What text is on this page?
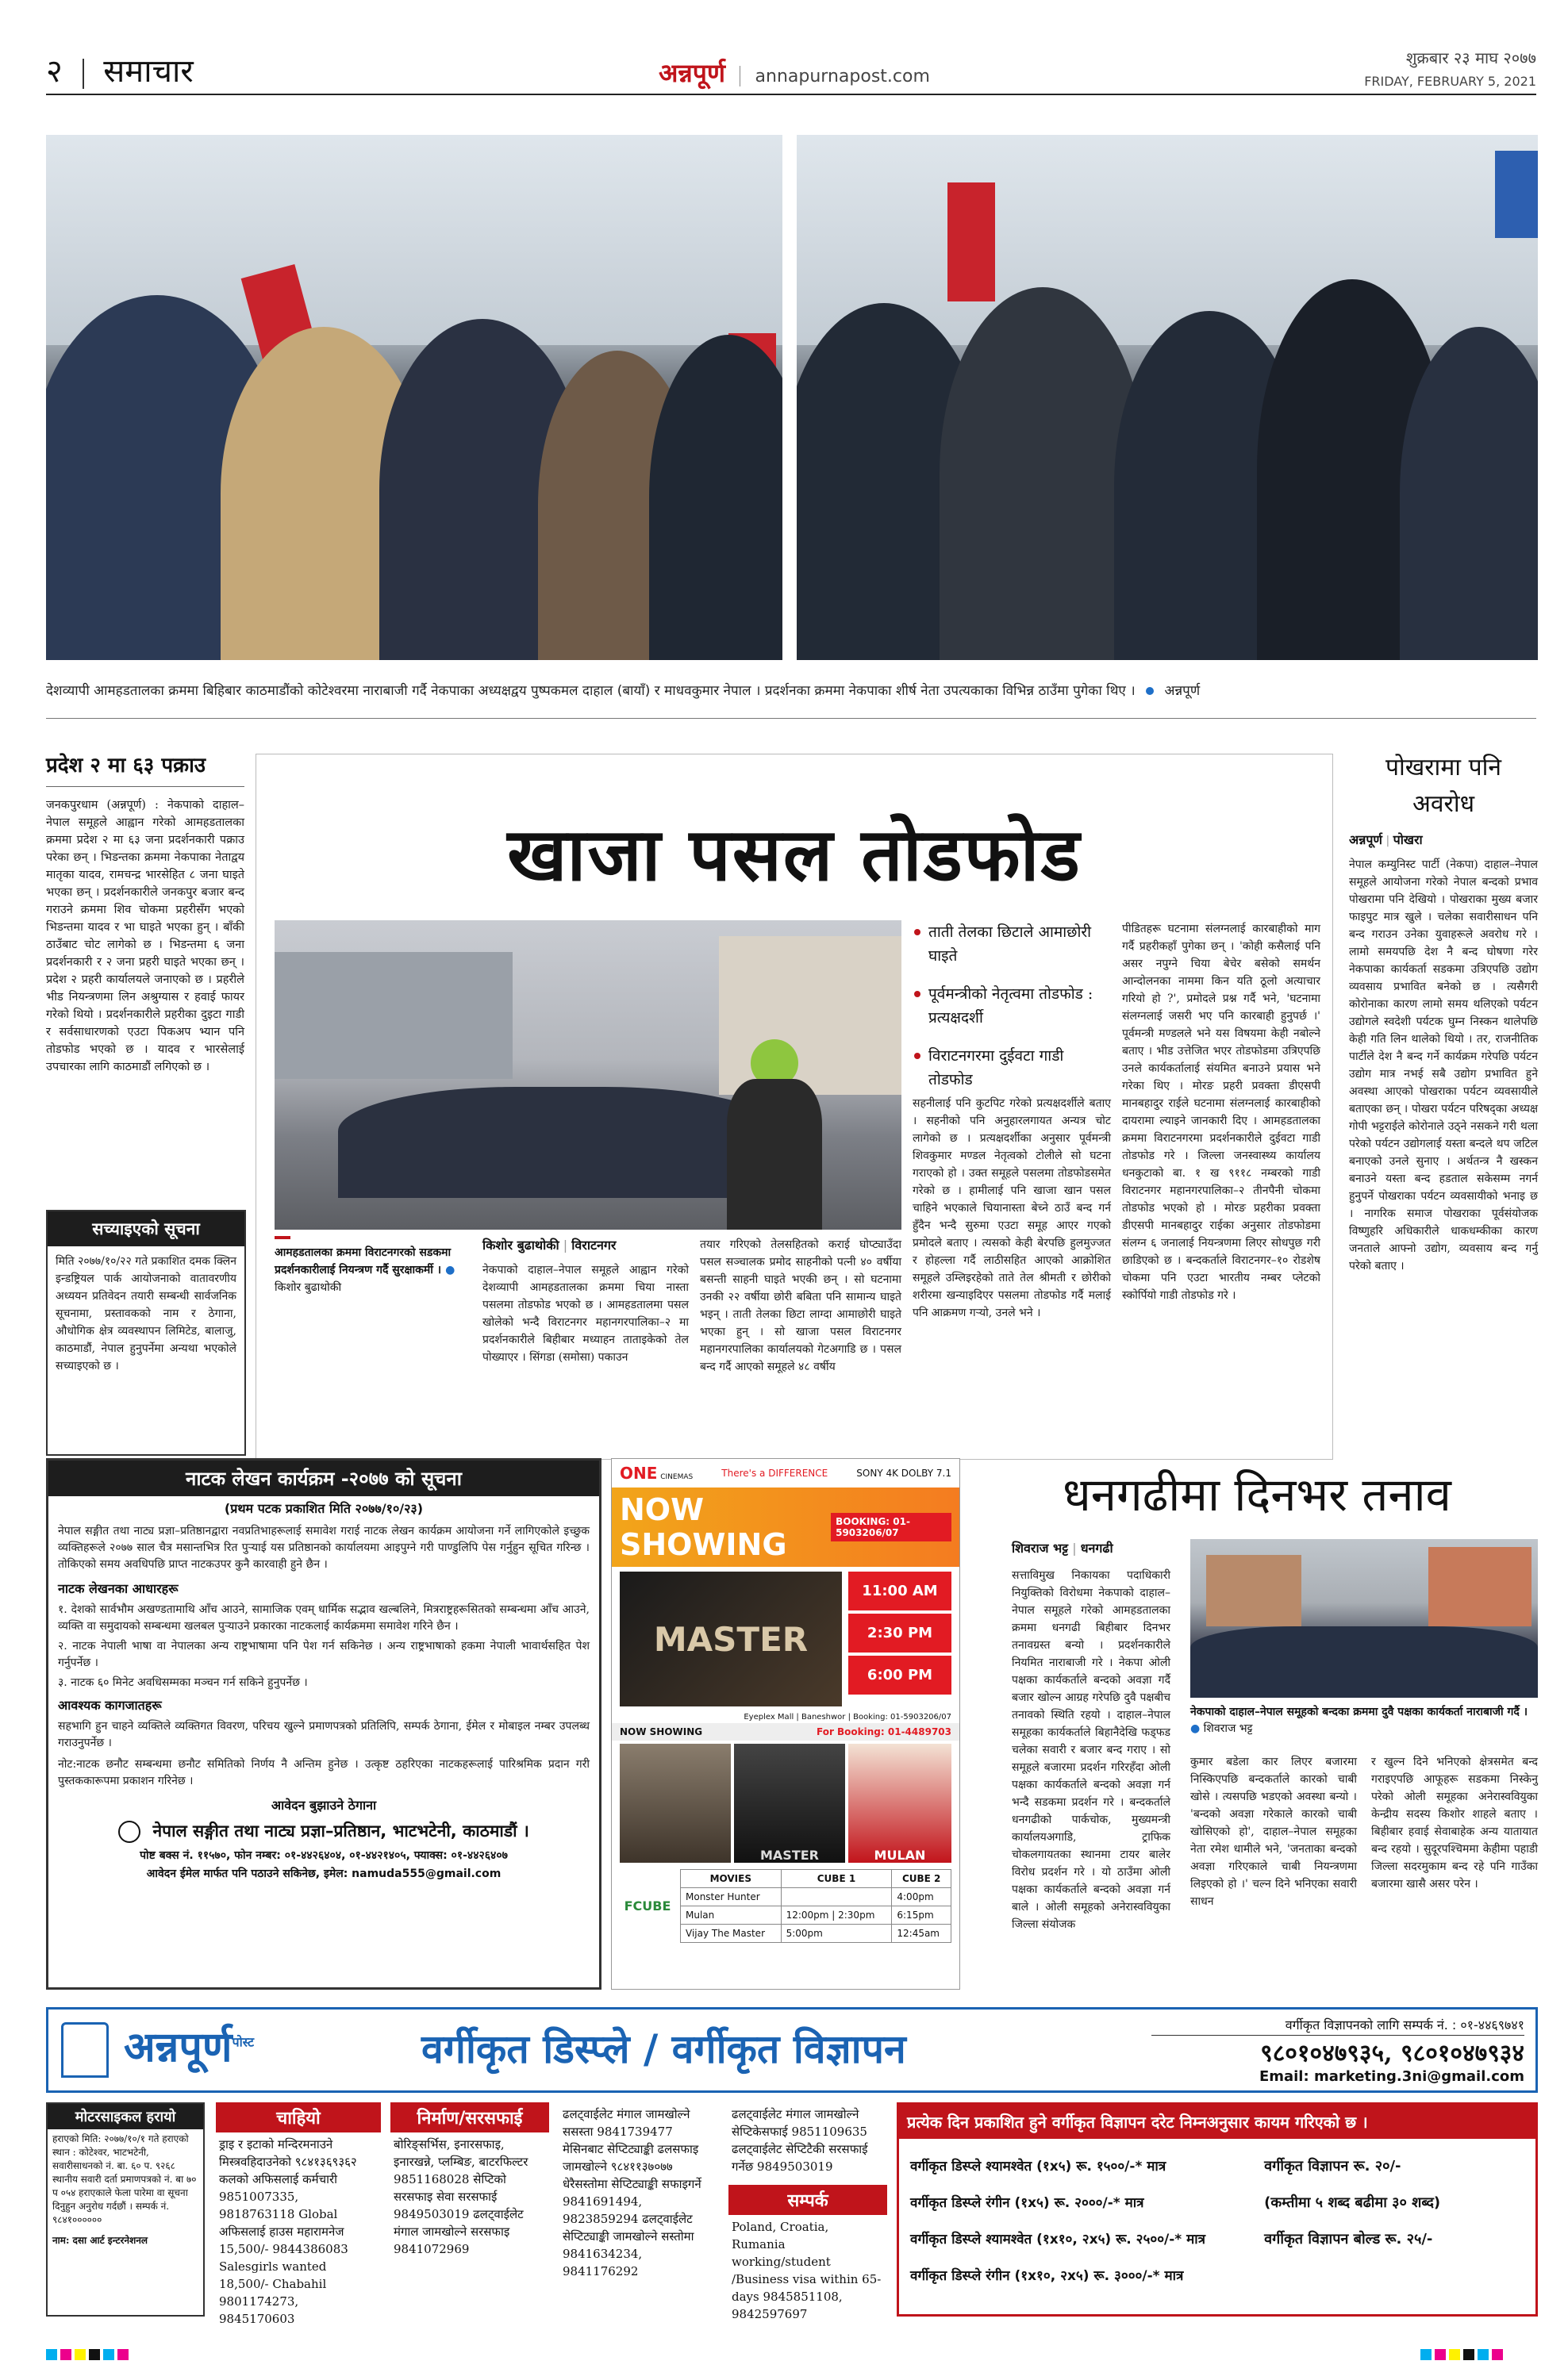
२ समाचार	अन्नपूर्ण annapurnapost.com
शुक्रबार २३ माघ २०७७
FRIDAY, FEBRUARY 5, 2021
देशव्यापी आमहडतालका क्रममा बिहिबार काठमाडौंको कोटेश्वरमा नाराबाजी गर्दै नेकपाका अध्यक्षद्वय पुष्पकमल दाहाल (बायाँ) र माधवकुमार नेपाल । प्रदर्शनका क्रममा नेकपाका शीर्ष नेता उपत्यकाका विभिन्न ठाउँमा पुगेका थिए । अन्नपूर्ण
प्रदेश २ मा ६३ पक्राउ
जनकपुरधाम (अन्नपूर्ण) : नेकपाको दाहाल–नेपाल समूहले आह्वान गरेको आमहडतालका क्रममा प्रदेश २ मा ६३ जना प्रदर्शनकारी पक्राउ परेका छन् । भिडन्तका क्रममा नेकपाका नेताद्वय मातृका यादव, रामचन्द्र भारसेहित ८ जना घाइते भएका छन् । प्रदर्शनकारीले जनकपुर बजार बन्द गराउने क्रममा शिव चोकमा प्रहरीसँग भएको भिडन्तमा यादव र भा घाइते भएका हुन् । बाँकी ठाउँबाट चोट लागेको छ । भिडन्तमा ६ जना प्रदर्शनकारी र २ जना प्रहरी घाइते भएका छन् । प्रदेश २ प्रहरी कार्यालयले जनाएको छ । प्रहरीले भीड नियन्त्रणमा लिन अश्रुग्यास र हवाई फायर गरेको थियो । प्रदर्शनकारीले प्रहरीका दुइटा गाडी र सर्वसाधारणको एउटा पिकअप भ्यान पनि तोडफोड भएको छ । यादव र भारसेलाई उपचारका लागि काठमाडौं लगिएको छ ।
सच्याइएको सूचना
मिति २०७७/१०/२२ गते प्रकाशित दमक क्लिन इन्डष्ट्रियल पार्क आयोजनाको वातावरणीय अध्ययन प्रतिवेदन तयारी सम्बन्धी सार्वजनिक सूचनामा, प्रस्तावकको नाम र ठेगाना, औधोगिक क्षेत्र व्यवस्थापन लिमिटेड, बालाजु, काठमाडौं, नेपाल हुनुपर्नेमा अन्यथा भएकोले सच्याइएको छ ।
खाजा पसल तोडफोड
आमहडतालका क्रममा विराटनगरको सडकमा प्रदर्शनकारीलाई नियन्त्रण गर्दै सुरक्षाकर्मी । ● किशोर बुढाथोकी
किशोर बुढाथोकी | विराटनगर
नेकपाको दाहाल–नेपाल समूहले आह्वान गरेको देशव्यापी आमहडतालका क्रममा चिया नास्ता पसलमा तोडफोड भएको छ । आमहडतालमा पसल खोलेको भन्दै विराटनगर महानगरपालिका–२ मा प्रदर्शनकारीले बिहीबार मध्याहन ताताइकेको तेल पोख्याएर । सिंगडा (समोसा) पकाउन
तयार गरिएको तेलसहितको कराई घोप्ट्याउँदा पसल सञ्चालक प्रमोद साहनीको पत्नी ४० वर्षीया बसन्ती साहनी घाइते भएकी छन् । सो घटनामा उनकी २२ वर्षीया छोरी बबिता पनि सामान्य घाइते भइन् । ताती तेलका छिटा लाग्दा आमाछोरी घाइते भएका हुन् । सो खाजा पसल विराटनगर महानगरपालिका कार्यालयको गेटअगाडि छ । पसल बन्द गर्दै आएको समूहले ४८ वर्षीय
ताती तेलका छिटाले आमाछोरी घाइते
पूर्वमन्त्रीको नेतृत्वमा तोडफोड : प्रत्यक्षदर्शी
विराटनगरमा दुईवटा गाडी तोडफोड
सहनीलाई पनि कुटपिट गरेको प्रत्यक्षदर्शीले बताए । सहनीको पनि अनुहारलगायत अन्यत्र चोट लागेको छ । प्रत्यक्षदर्शीका अनुसार पूर्वमन्त्री शिवकुमार मण्डल नेतृत्वको टोलीले सो घटना गराएको हो । उक्त समूहले पसलमा तोडफोडसमेत गरेको छ । हामीलाई पनि खाजा खान पसल चाहिने भएकाले चियानास्ता बेच्ने ठाउँ बन्द गर्न हुँदैन भन्दै सुरुमा एउटा समूह आएर गएको प्रमोदले बताए । त्यसको केही बेरपछि हुलमुज्जत र होहल्ला गर्दै लाठीसहित आएको आक्रोशित समूहले उम्लिइरहेको ताते तेल श्रीमती र छोरीको शरीरमा खन्याइदिएर पसलमा तोडफोड गर्दै मलाई पनि आक्रमण गऱ्यो, उनले भने ।
पीडितहरू घटनामा संलग्नलाई कारबाहीको माग गर्दै प्रहरीकहाँ पुगेका छन् । 'कोही कसैलाई पनि असर नपुग्ने चिया बेचेर बसेको समर्थन आन्दोलनका नाममा किन यति ठूलो अत्याचार गरियो हो ?', प्रमोदले प्रश्न गर्दै भने, 'घटनामा संलग्नलाई जसरी भए पनि कारबाही हुनुपर्छ ।' पूर्वमन्त्री मण्डलले भने यस विषयमा केही नबोल्ने बताए । भीड उत्तेजित भएर तोडफोडमा उत्रिएपछि उनले कार्यकर्तालाई संयमित बनाउने प्रयास भने गरेका थिए । मोरङ प्रहरी प्रवक्ता डीएसपी मानबहादुर राईले घटनामा संलग्नलाई कारबाहीको दायरामा ल्याइने जानकारी दिए । आमहडतालका क्रममा विराटनगरमा प्रदर्शनकारीले दुईवटा गाडी तोडफोड गरे । जिल्ला जनस्वास्थ्य कार्यालय धनकुटाको बा. १ ख ९११८ नम्बरको गाडी विराटनगर महानगरपालिका–२ तीनपैनी चोकमा तोडफोड भएको हो । मोरङ प्रहरीका प्रवक्ता डीएसपी मानबहादुर राईका अनुसार तोडफोडमा संलग्न ६ जनालाई नियन्त्रणमा लिएर सोधपुछ गरी छाडिएको छ । बन्दकर्ताले विराटनगर–१० रोडशेष चोकमा पनि एउटा भारतीय नम्बर प्लेटको स्कोर्पियो गाडी तोडफोड गरे ।
पोखरामा पनि
अवरोध
अन्नपूर्ण | पोखरा
नेपाल कम्युनिस्ट पार्टी (नेकपा) दाहाल–नेपाल समूहले आयोजना गरेको नेपाल बन्दको प्रभाव पोखरामा पनि देखियो । पोखराका मुख्य बजार फाइपुट मात्र खुले । चलेका सवारीसाधन पनि बन्द गराउन उनेका युवाहरूले अवरोध गरे । लामो समयपछि देश नै बन्द घोषणा गरेर नेकपाका कार्यकर्ता सडकमा उत्रिएपछि उद्योग व्यवसाय प्रभावित बनेको छ । त्यसैगरी कोरोनाका कारण लामो समय थलिएको पर्यटन उद्योगले स्वदेशी पर्यटक घुम्न निस्कन थालेपछि केही गति लिन थालेको थियो । तर, राजनीतिक पार्टीले देश नै बन्द गर्ने कार्यक्रम गरेपछि पर्यटन उद्योग मात्र नभई सबै उद्योग प्रभावित हुने अवस्था आएको पोखराका पर्यटन व्यवसायीले बताएका छन् । पोखरा पर्यटन परिषद्का अध्यक्ष गोपी भट्टराईले कोरोनाले उठ्ने नसकने गरी थला परेको पर्यटन उद्योगलाई यस्ता बन्दले थप जटिल बनाएको उनले सुनाए । अर्थतन्त्र नै खस्कन बनाउने यस्ता बन्द हडताल सकेसम्म नगर्न हुनुपर्ने पोखराका पर्यटन व्यवसायीको भनाइ छ । नागरिक समाज पोखराका पूर्वसंयोजक विष्णुहरि अधिकारीले धाकधम्कीका कारण जनताले आफ्नो उद्योग, व्यवसाय बन्द गर्नु परेको बताए ।
नाटक लेखन कार्यक्रम -२०७७ को सूचना
(प्रथम पटक प्रकाशित मिति २०७७/१०/२३)
नेपाल सङ्गीत तथा नाट्य प्रज्ञा–प्रतिष्ठानद्वारा नवप्रतिभाहरूलाई समावेश गराई नाटक लेखन कार्यक्रम आयोजना गर्ने लागिएकोले इच्छुक व्यक्तिहरूले २०७७ साल चैत्र मसान्तभित्र रित पुऱ्याई यस प्रतिष्ठानको कार्यालयमा आइपुग्ने गरी पाण्डुलिपि पेस गर्नुहुन सूचित गरिन्छ । तोकिएको समय अवधिपछि प्राप्त नाटकउपर कुनै कारवाही हुने छैन ।
नाटक लेखनका आधारहरू
१. देशको सार्वभौम अखण्डतामाथि आँच आउने, सामाजिक एवम् धार्मिक सद्भाव खल्बलिने, मित्रराष्ट्रहरूसितको सम्बन्धमा आँच आउने, व्यक्ति वा समुदायको सम्बन्धमा खलबल पुऱ्याउने प्रकारका नाटकलाई कार्यक्रममा समावेश गरिने छैन ।
२. नाटक नेपाली भाषा वा नेपालका अन्य राष्ट्रभाषामा पनि पेश गर्न सकिनेछ । अन्य राष्ट्रभाषाको हकमा नेपाली भावार्थसहित पेश गर्नुपर्नेछ ।
३. नाटक ६० मिनेट अवधिसम्मका मञ्चन गर्न सकिने हुनुपर्नेछ ।
आवश्यक कागजातहरू
सहभागि हुन चाहने व्यक्तिले व्यक्तिगत विवरण, परिचय खुल्ने प्रमाणपत्रको प्रतिलिपि, सम्पर्क ठेगाना, ईमेल र मोबाइल नम्बर उपलब्ध गराउनुपर्नेछ ।
नोट:नाटक छनौट सम्बन्धमा छनौट समितिको निर्णय नै अन्तिम हुनेछ । उत्कृष्ट ठहरिएका नाटकहरूलाई पारिश्रमिक प्रदान गरी पुस्तककारूपमा प्रकाशन गरिनेछ ।
आवेदन बुझाउने ठेगाना
नेपाल सङ्गीत तथा नाट्य प्रज्ञा–प्रतिष्ठान, भाटभटेनी, काठमाडौं ।
पोष्ट बक्स नं. ११५७०, फोन नम्बर: ०१-४४२६४०४, ०१-४४२१४०५, फ्याक्स: ०१-४४२६४०७
आवेदन ईमेल मार्फत पनि पठाउने सकिनेछ, इमेल: namuda555@gmail.com
ONE CINEMAS	There's a DIFFERENCE	SONY 4K DOLBY 7.1
NOW SHOWING
BOOKING: 01-5903206/07
MASTER
11:00 AM
2:30 PM
6:00 PM
Eyeplex Mall | Baneshwor | Booking: 01-5903206/07
NOW SHOWING	For Booking: 01-4489703
MASTER	MULAN
FCUBE
MOVIES	CUBE 1	CUBE 2
Monster Hunter		4:00pm
Mulan	12:00pm | 2:30pm	6:15pm
Vijay The Master	5:00pm	12:45am
धनगढीमा दिनभर तनाव
शिवराज भट्ट | धनगढी
सत्ताविमुख निकायका पदाधिकारी नियुक्तिको विरोधमा नेकपाको दाहाल–नेपाल समूहले गरेको आमहडतालका क्रममा धनगढी बिहीबार दिनभर तनावग्रस्त बन्यो । प्रदर्शनकारीले नियमित नाराबाजी गरे । नेकपा ओली पक्षका कार्यकर्ताले बन्दको अवज्ञा गर्दै बजार खोल्न आग्रह गरेपछि दुवै पक्षबीच तनावको स्थिति रहयो । दाहाल–नेपाल समूहका कार्यकर्ताले बिहानैदेखि फड्फड चलेका सवारी र बजार बन्द गराए । सो समूहले बजारमा प्रदर्शन गरिरहँदा ओली पक्षका कार्यकर्ताले बन्दको अवज्ञा गर्न भन्दै सडकमा प्रदर्शन गरे । बन्दकर्ताले धनगढीको पार्कचोक, मुख्यमन्त्री कार्यालयअगाडि, ट्राफिक चोकलगायतका स्थानमा टायर बालेर विरोध प्रदर्शन गरे । यो ठाउँमा ओली पक्षका कार्यकर्ताले बन्दको अवज्ञा गर्न बाले । ओली समूहको अनेरास्ववियुका जिल्ला संयोजक
नेकपाको दाहाल–नेपाल समूहको बन्दका क्रममा दुवै पक्षका कार्यकर्ता नाराबाजी गर्दै । ● शिवराज भट्ट
कुमार बडेला कार लिएर बजारमा निस्किएपछि बन्दकर्ताले कारको चाबी खोसे । त्यसपछि भडएको अवस्था बन्यो । 'बन्दको अवज्ञा गरेकाले कारको चाबी खोसिएको हो', दाहाल–नेपाल समूहका नेता रमेश धामीले भने, 'जनताका बन्दको अवज्ञा गरिएकाले चाबी नियन्त्रणमा लिइएको हो ।' चल्न दिने भनिएका सवारी साधन
र खुल्न दिने भनिएको क्षेत्रसमेत बन्द गराइएपछि आफूहरू सडकमा निस्केनु परेको ओली समूहका अनेरास्ववियुका केन्द्रीय सदस्य किशोर शाहले बताए । बिहीबार हवाई सेवाबाहेक अन्य यातायात बन्द रहयो । सुदूरपश्चिममा केहीमा पहाडी जिल्ला सदरमुकाम बन्द रहे पनि गाउँका बजारमा खासै असर परेन ।
अन्नपूर्ण$^{पोस्ट}$	वर्गीकृत डिस्प्ले / वर्गीकृत विज्ञापन
वर्गीकृत विज्ञापनको लागि सम्पर्क नं. : ०१-४४६९७४१
९८०१०४७९३५, ९८०१०४७९३४
Email: marketing.3ni@gmail.com
मोटरसाइकल हरायो
हराएको मिति: २०७७/१०/१ गते हराएको स्थान : कोटेश्वर, भाटभटेनी, सवारीसाधनको नं. बा. ६० प. ९२६८ स्थानीय सवारी दर्ता प्रमाणपत्रको नं. बा ७० प ०५४ हराएकाले फेला पारेमा वा सूचना दिनुहुन अनुरोध गर्दछौं । सम्पर्क नं. ९८४१००००००
नाम: दसा आर्ट इन्टरनेशनल
चाहियो
ड्राइ र इटाको मन्दिरमनाउने मिस्त्रवहिदाउनेको ९८४१३६९३६२ कलको अफिसलाई कर्मचारी 9851007335, 9818763118 Global अफिसलाई हाउस महारामनेज 15,500/- 9844386083 Salesgirls wanted 18,500/- Chabahil 9801174273, 9845170603
निर्माण/सरसफाई
बोरिङ्सर्भिस, इनारसफाइ, इनारखन्ने, प्लम्बिङ, बाटरफिल्टर 9851168028 सेप्टिको सरसफाइ सेवा सरसफाई 9849503019 ढलट्वाईलेट मंगाल जामखोल्ने सरसफाइ 9841072969
ढलट्वाईलेट मंगाल जामखोल्ने ससस्ता 9841739477 मेसिनबाट सेप्टिट्याङ्की ढलसफाइ जामखोल्ने ९८४११३७०७७ धेरैसस्तोमा सेप्टिट्याङ्की सफाइगर्ने 9841691494, 9823859294 ढलट्वाईलेट सेप्टिट्याङ्की जामखोल्ने सस्तोमा 9841634234, 9841176292
ढलट्वाईलेट मंगाल जामखोल्ने सेप्टिकेसफाई 9851109635 ढलट्वाईलेट सेप्टिटैकी सरसफाई गर्नेछ 9849503019
सम्पर्क
Poland, Croatia, Rumania working/student /Business visa within 65-days 9845851108, 9842597697
प्रत्येक दिन प्रकाशित हुने वर्गीकृत विज्ञापन दरेट निम्नअनुसार कायम गरिएको छ ।
वर्गीकृत डिस्प्ले श्यामश्वेत (१x५) रू. १५००/-* मात्र
वर्गीकृत डिस्प्ले रंगीन (१x५) रू. २०००/-* मात्र
वर्गीकृत डिस्प्ले श्यामश्वेत (१x१०, २x५) रू. २५००/-* मात्र
वर्गीकृत डिस्प्ले रंगीन (१x१०, २x५) रू. ३०००/-* मात्र
वर्गीकृत विज्ञापन रू. २०/-
(कम्तीमा ५ शब्द बढीमा ३० शब्द)
वर्गीकृत विज्ञापन बोल्ड रू. २५/-
